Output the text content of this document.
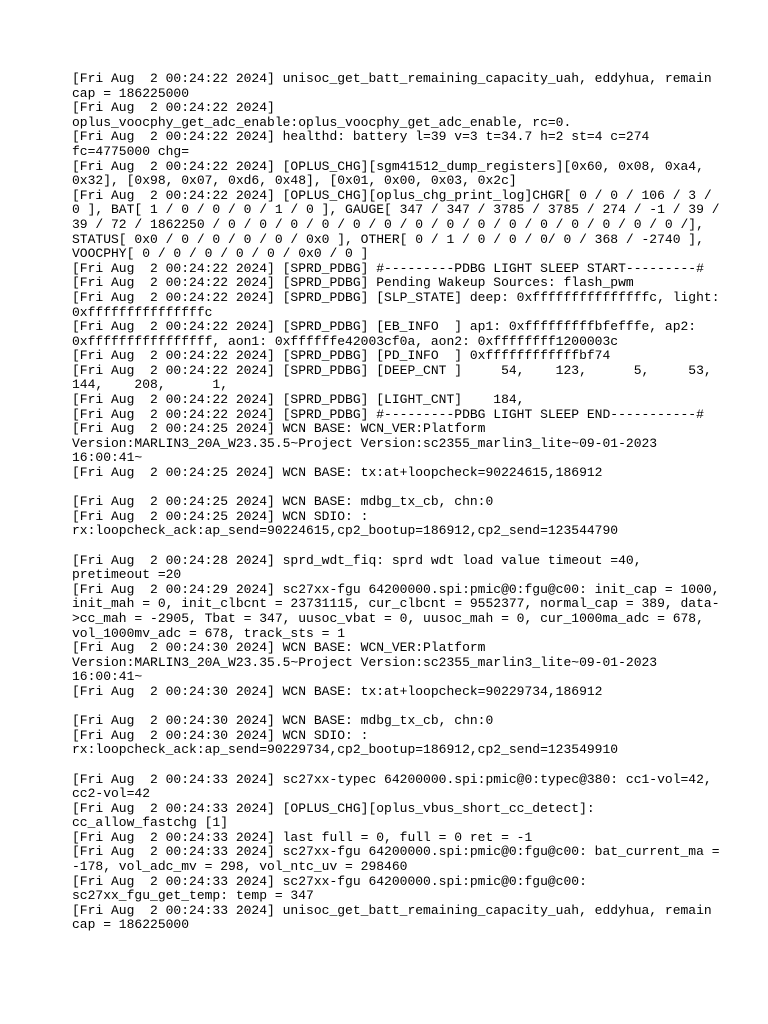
[Fri Aug  2 00:24:22 2024] unisoc_get_batt_remaining_capacity_uah, eddyhua, remain
cap = 186225000
[Fri Aug  2 00:24:22 2024]
oplus_voocphy_get_adc_enable:oplus_voocphy_get_adc_enable, rc=0.
[Fri Aug  2 00:24:22 2024] healthd: battery l=39 v=3 t=34.7 h=2 st=4 c=274
fc=4775000 chg=
[Fri Aug  2 00:24:22 2024] [OPLUS_CHG][sgm41512_dump_registers][0x60, 0x08, 0xa4,
0x32], [0x98, 0x07, 0xd6, 0x48], [0x01, 0x00, 0x03, 0x2c]
[Fri Aug  2 00:24:22 2024] [OPLUS_CHG][oplus_chg_print_log]CHGR[ 0 / 0 / 106 / 3 /
0 ], BAT[ 1 / 0 / 0 / 0 / 1 / 0 ], GAUGE[ 347 / 347 / 3785 / 3785 / 274 / -1 / 39 /
39 / 72 / 1862250 / 0 / 0 / 0 / 0 / 0 / 0 / 0 / 0 / 0 / 0 / 0 / 0 / 0 / 0 / 0 /],
STATUS[ 0x0 / 0 / 0 / 0 / 0 / 0x0 ], OTHER[ 0 / 1 / 0 / 0 / 0/ 0 / 368 / -2740 ],
VOOCPHY[ 0 / 0 / 0 / 0 / 0 / 0x0 / 0 ]
[Fri Aug  2 00:24:22 2024] [SPRD_PDBG] #---------PDBG LIGHT SLEEP START---------#
[Fri Aug  2 00:24:22 2024] [SPRD_PDBG] Pending Wakeup Sources: flash_pwm
[Fri Aug  2 00:24:22 2024] [SPRD_PDBG] [SLP_STATE] deep: 0xfffffffffffffffc, light:
0xfffffffffffffffc
[Fri Aug  2 00:24:22 2024] [SPRD_PDBG] [EB_INFO  ] ap1: 0xfffffffffbfefffe, ap2:
0xffffffffffffffff, aon1: 0xffffffe42003cf0a, aon2: 0xffffffff1200003c
[Fri Aug  2 00:24:22 2024] [SPRD_PDBG] [PD_INFO  ] 0xffffffffffffbf74
[Fri Aug  2 00:24:22 2024] [SPRD_PDBG] [DEEP_CNT ]     54,    123,      5,     53,
144,    208,      1,
[Fri Aug  2 00:24:22 2024] [SPRD_PDBG] [LIGHT_CNT]    184,
[Fri Aug  2 00:24:22 2024] [SPRD_PDBG] #---------PDBG LIGHT SLEEP END-----------#
[Fri Aug  2 00:24:25 2024] WCN BASE: WCN_VER:Platform
Version:MARLIN3_20A_W23.35.5~Project Version:sc2355_marlin3_lite~09-01-2023
16:00:41~
[Fri Aug  2 00:24:25 2024] WCN BASE: tx:at+loopcheck=90224615,186912
[Fri Aug  2 00:24:25 2024] WCN BASE: mdbg_tx_cb, chn:0
[Fri Aug  2 00:24:25 2024] WCN SDIO: :
rx:loopcheck_ack:ap_send=90224615,cp2_bootup=186912,cp2_send=123544790
[Fri Aug  2 00:24:28 2024] sprd_wdt_fiq: sprd wdt load value timeout =40,
pretimeout =20
[Fri Aug  2 00:24:29 2024] sc27xx-fgu 64200000.spi:pmic@0:fgu@c00: init_cap = 1000,
init_mah = 0, init_clbcnt = 23731115, cur_clbcnt = 9552377, normal_cap = 389, data-
>cc_mah = -2905, Tbat = 347, uusoc_vbat = 0, uusoc_mah = 0, cur_1000ma_adc = 678,
vol_1000mv_adc = 678, track_sts = 1
[Fri Aug  2 00:24:30 2024] WCN BASE: WCN_VER:Platform
Version:MARLIN3_20A_W23.35.5~Project Version:sc2355_marlin3_lite~09-01-2023
16:00:41~
[Fri Aug  2 00:24:30 2024] WCN BASE: tx:at+loopcheck=90229734,186912
[Fri Aug  2 00:24:30 2024] WCN BASE: mdbg_tx_cb, chn:0
[Fri Aug  2 00:24:30 2024] WCN SDIO: :
rx:loopcheck_ack:ap_send=90229734,cp2_bootup=186912,cp2_send=123549910
[Fri Aug  2 00:24:33 2024] sc27xx-typec 64200000.spi:pmic@0:typec@380: cc1-vol=42,
cc2-vol=42
[Fri Aug  2 00:24:33 2024] [OPLUS_CHG][oplus_vbus_short_cc_detect]:
cc_allow_fastchg [1]
[Fri Aug  2 00:24:33 2024] last full = 0, full = 0 ret = -1
[Fri Aug  2 00:24:33 2024] sc27xx-fgu 64200000.spi:pmic@0:fgu@c00: bat_current_ma =
-178, vol_adc_mv = 298, vol_ntc_uv = 298460
[Fri Aug  2 00:24:33 2024] sc27xx-fgu 64200000.spi:pmic@0:fgu@c00:
sc27xx_fgu_get_temp: temp = 347
[Fri Aug  2 00:24:33 2024] unisoc_get_batt_remaining_capacity_uah, eddyhua, remain
cap = 186225000
